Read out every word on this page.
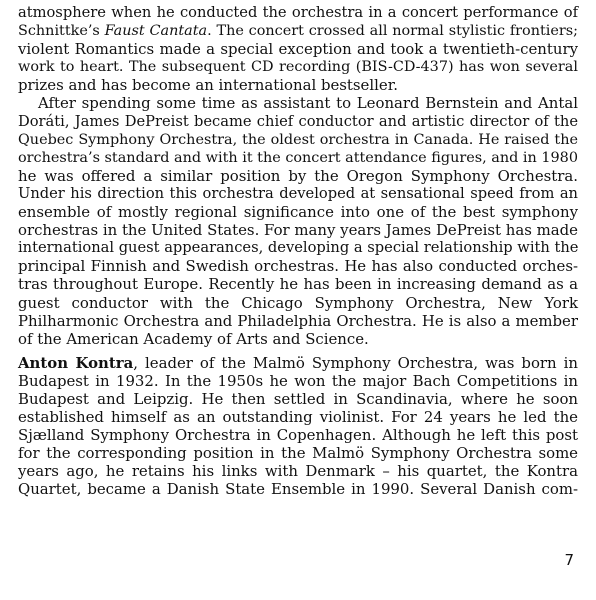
atmosphere when he conducted the orchestra in a concert performance of
Schnittke’s Faust Cantata. The concert crossed all normal stylistic frontiers;
violent Romantics made a special exception and took a twentieth-century
work to heart. The subsequent CD recording (BIS-CD-437) has won several
prizes and has become an international bestseller.
After spending some time as assistant to Leonard Bernstein and Antal
Doráti, James DePreist became chief conductor and artistic director of the
Quebec Symphony Orchestra, the oldest orchestra in Canada. He raised the
orchestra’s standard and with it the concert attendance figures, and in 1980
he was offered a similar position by the Oregon Symphony Orchestra.
Under his direction this orchestra developed at sensational speed from an
ensemble of mostly regional significance into one of the best symphony
orchestras in the United States. For many years James DePreist has made
international guest appearances, developing a special relationship with the
principal Finnish and Swedish orchestras. He has also conducted orches-
tras throughout Europe. Recently he has been in increasing demand as a
guest conductor with the Chicago Symphony Orchestra, New York
Philharmonic Orchestra and Philadelphia Orchestra. He is also a member
of the American Academy of Arts and Science.
Anton Kontra, leader of the Malmö Symphony Orchestra, was born in
Budapest in 1932. In the 1950s he won the major Bach Competitions in
Budapest and Leipzig. He then settled in Scandinavia, where he soon
established himself as an outstanding violinist. For 24 years he led the
Sjælland Symphony Orchestra in Copenhagen. Although he left this post
for the corresponding position in the Malmö Symphony Orchestra some
years ago, he retains his links with Denmark – his quartet, the Kontra
Quartet, became a Danish State Ensemble in 1990. Several Danish com-
7
